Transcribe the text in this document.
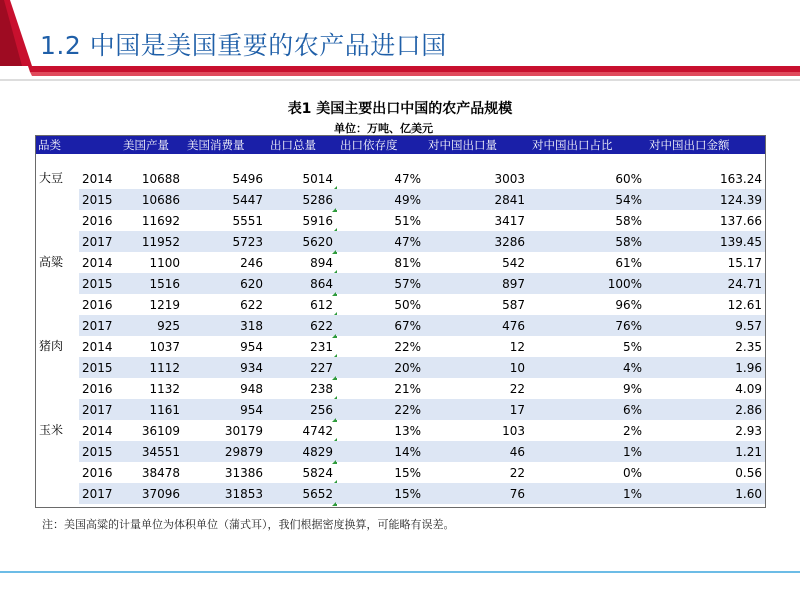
1.2 中国是美国重要的农产品进口国
表1 美国主要出口中国的农产品规模
单位：万吨、亿美元
品类		美国产量	美国消费量	出口总量	出口依存度	对中国出口量	对中国出口占比	对中国出口金额

大豆	2014	10688	5496	5014	47%	3003	60%	163.24
	2015	10686	5447	5286	49%	2841	54%	124.39
	2016	11692	5551	5916	51%	3417	58%	137.66
	2017	11952	5723	5620	47%	3286	58%	139.45
高粱	2014	1100	246	894	81%	542	61%	15.17
	2015	1516	620	864	57%	897	100%	24.71
	2016	1219	622	612	50%	587	96%	12.61
	2017	925	318	622	67%	476	76%	9.57
猪肉	2014	1037	954	231	22%	12	5%	2.35
	2015	1112	934	227	20%	10	4%	1.96
	2016	1132	948	238	21%	22	9%	4.09
	2017	1161	954	256	22%	17	6%	2.86
玉米	2014	36109	30179	4742	13%	103	2%	2.93
	2015	34551	29879	4829	14%	46	1%	1.21
	2016	38478	31386	5824	15%	22	0%	0.56
	2017	37096	31853	5652	15%	76	1%	1.60
注：美国高粱的计量单位为体积单位（蒲式耳），我们根据密度换算，可能略有误差。
